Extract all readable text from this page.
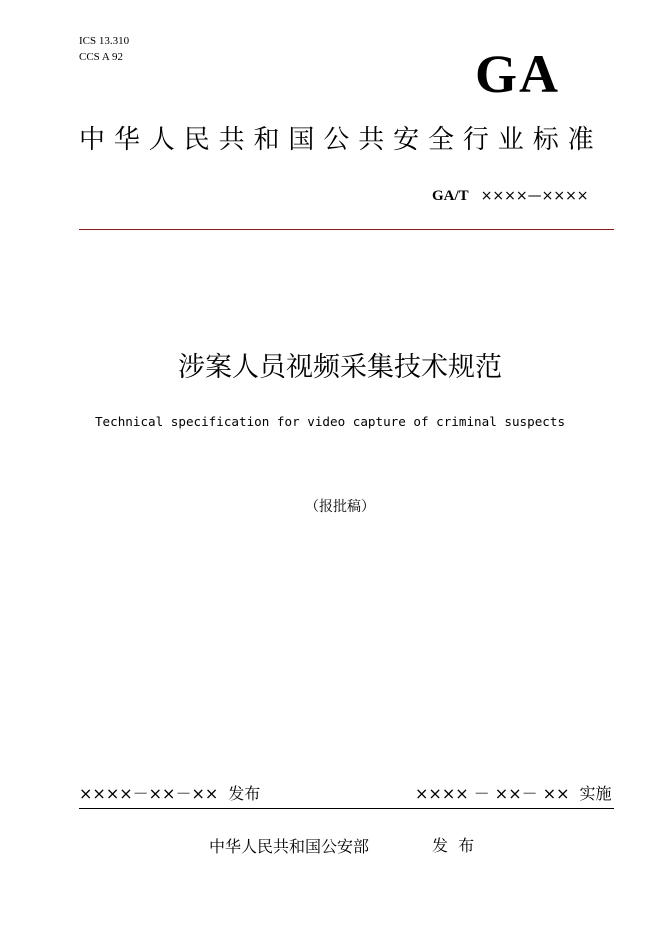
ICS 13.310
CCS A 92	GA
中华人民共和国公共安全行业标准
GA/T ××××—××××
涉案人员视频采集技术规范
Technical specification for video capture of criminal suspects
（报批稿）
××××－××－×× 发布	×××× － ××－ ×× 实施
中华人民共和国公安部	发  布
